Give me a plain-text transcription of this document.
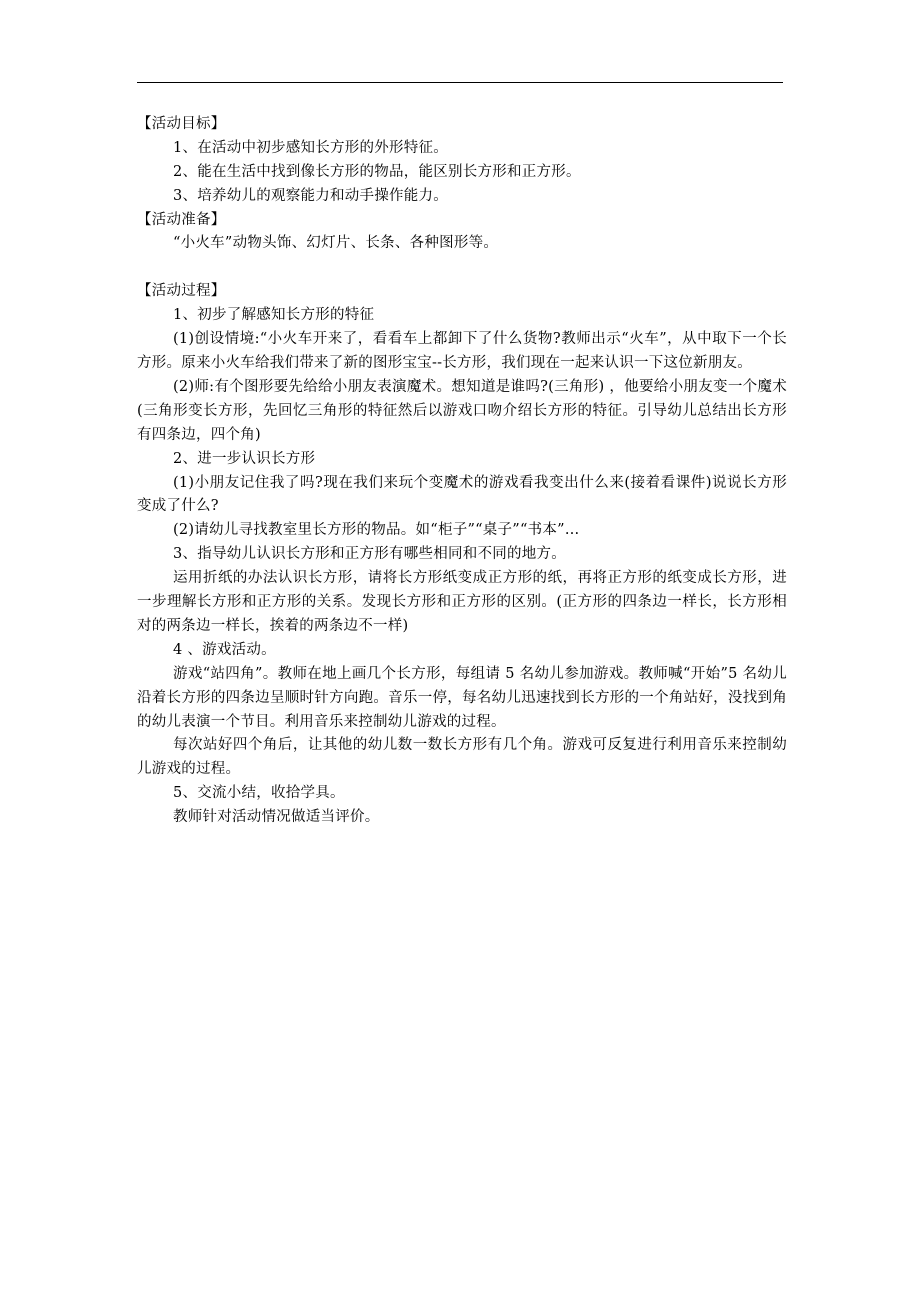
【活动目标】
1、在活动中初步感知长方形的外形特征。
2、能在生活中找到像长方形的物品，能区别长方形和正方形。
3、培养幼儿的观察能力和动手操作能力。
【活动准备】
“小火车”动物头饰、幻灯片、长条、各种图形等。
【活动过程】
1、初步了解感知长方形的特征

(1)创设情境:“小火车开来了，看看车上都卸下了什么货物?教师出示“火车”，从中取下一个长方形。原来小火车给我们带来了新的图形宝宝--长方形，我们现在一起来认识一下这位新朋友。

(2)师:有个图形要先给给小朋友表演魔术。想知道是谁吗?(三角形) ，他要给小朋友变一个魔术(三角形变长方形，先回忆三角形的特征然后以游戏口吻介绍长方形的特征。引导幼儿总结出长方形有四条边，四个角)

2、进一步认识长方形

(1)小朋友记住我了吗?现在我们来玩个变魔术的游戏看我变出什么来(接着看课件)说说长方形变成了什么?

(2)请幼儿寻找教室里长方形的物品。如“柜子”“桌子”“书本”…
3、指导幼儿认识长方形和正方形有哪些相同和不同的地方。

运用折纸的办法认识长方形，请将长方形纸变成正方形的纸，再将正方形的纸变成长方形，进一步理解长方形和正方形的关系。发现长方形和正方形的区别。(正方形的四条边一样长，长方形相对的两条边一样长，挨着的两条边不一样)

4 、游戏活动。

游戏“站四角”。教师在地上画几个长方形，每组请 5 名幼儿参加游戏。教师喊“开始”5 名幼儿沿着长方形的四条边呈顺时针方向跑。音乐一停，每名幼儿迅速找到长方形的一个角站好，没找到角的幼儿表演一个节目。利用音乐来控制幼儿游戏的过程。

每次站好四个角后，让其他的幼儿数一数长方形有几个角。游戏可反复进行利用音乐来控制幼儿游戏的过程。

5、交流小结，收拾学具。
教师针对活动情况做适当评价。
